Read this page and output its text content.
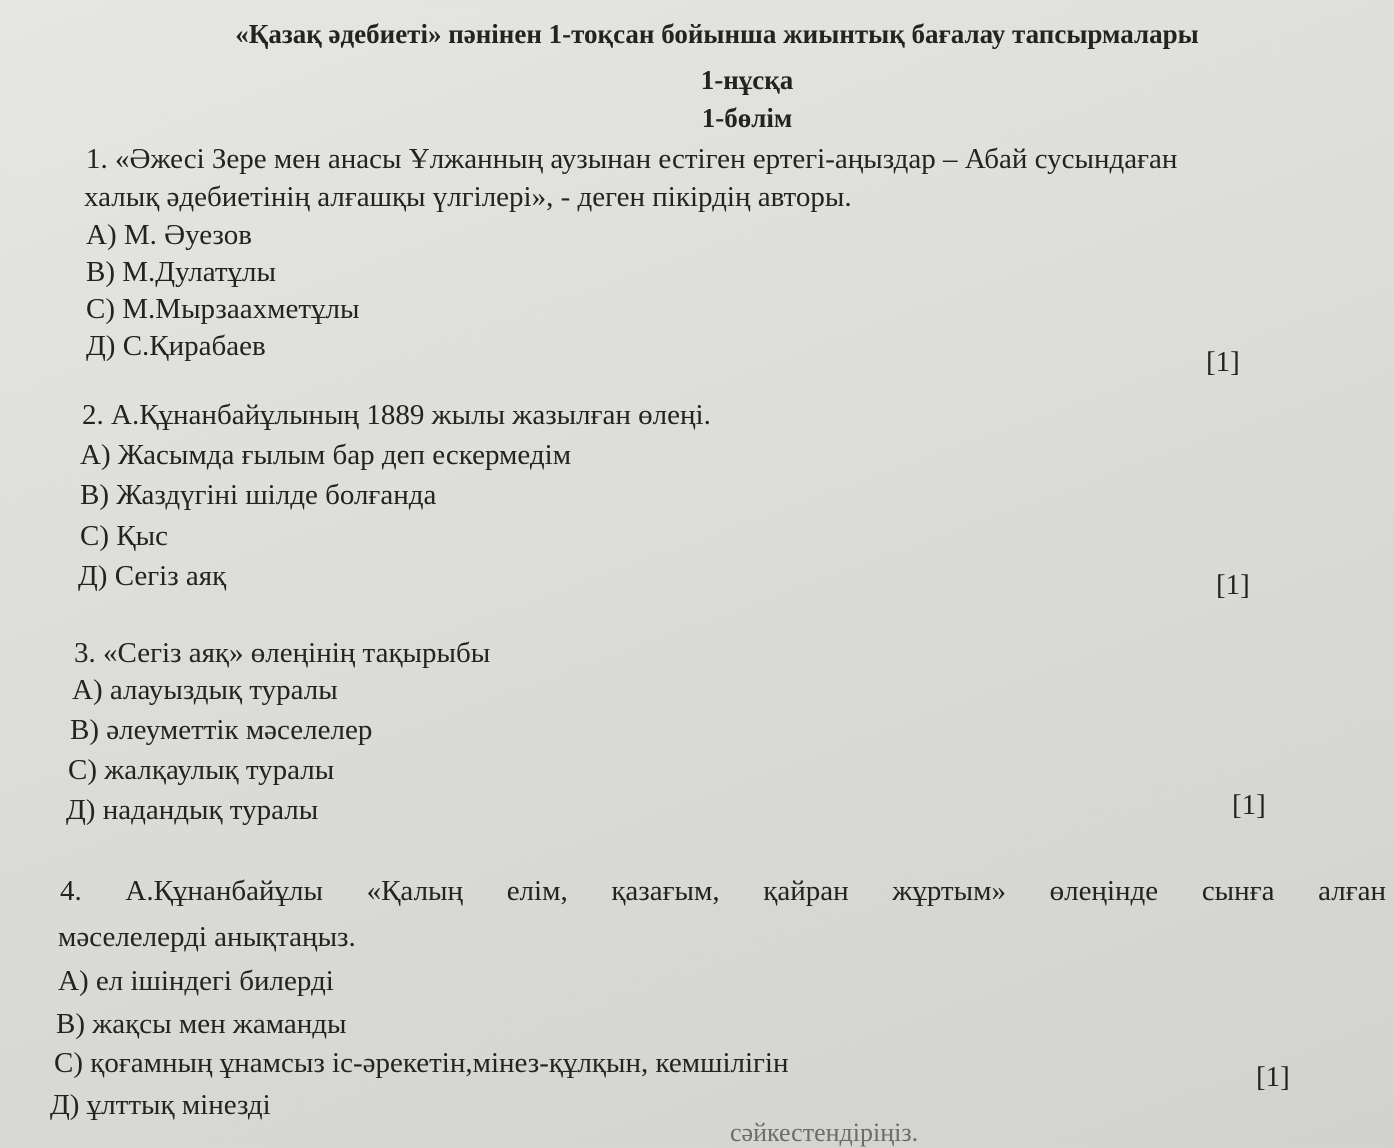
«Қазақ әдебиеті» пәнінен 1-тоқсан бойынша жиынтық бағалау тапсырмалары
1-нұсқа
1-бөлім
1. «Әжесі Зере мен анасы Ұлжанның аузынан естіген ертегі-аңыздар – Абай сусындаған
халық әдебиетінің алғашқы үлгілері», - деген пікірдің авторы.
А) М. Әуезов
В) М.Дулатұлы
С) М.Мырзаахметұлы
Д) С.Қирабаев	[1]
2. А.Құнанбайұлының 1889 жылы жазылған өлеңі.
А) Жасымда ғылым бар деп ескермедім
В) Жаздүгіні шілде болғанда
С) Қыс
Д) Сегіз аяқ	[1]
3. «Сегіз аяқ» өлеңінің тақырыбы
А) алауыздық туралы
В) әлеуметтік мәселелер
С) жалқаулық туралы
Д) надандық туралы	[1]
4. А.Құнанбайұлы «Қалың елім, қазағым, қайран жұртым» өлеңінде сынға алған
мәселелерді анықтаңыз.
А) ел ішіндегі билерді
В) жақсы мен жаманды
С) қоғамның ұнамсыз іс-әрекетін,мінез-құлқын, кемшілігін
Д) ұлттық мінезді
[1]
сәйкестендіріңіз.
